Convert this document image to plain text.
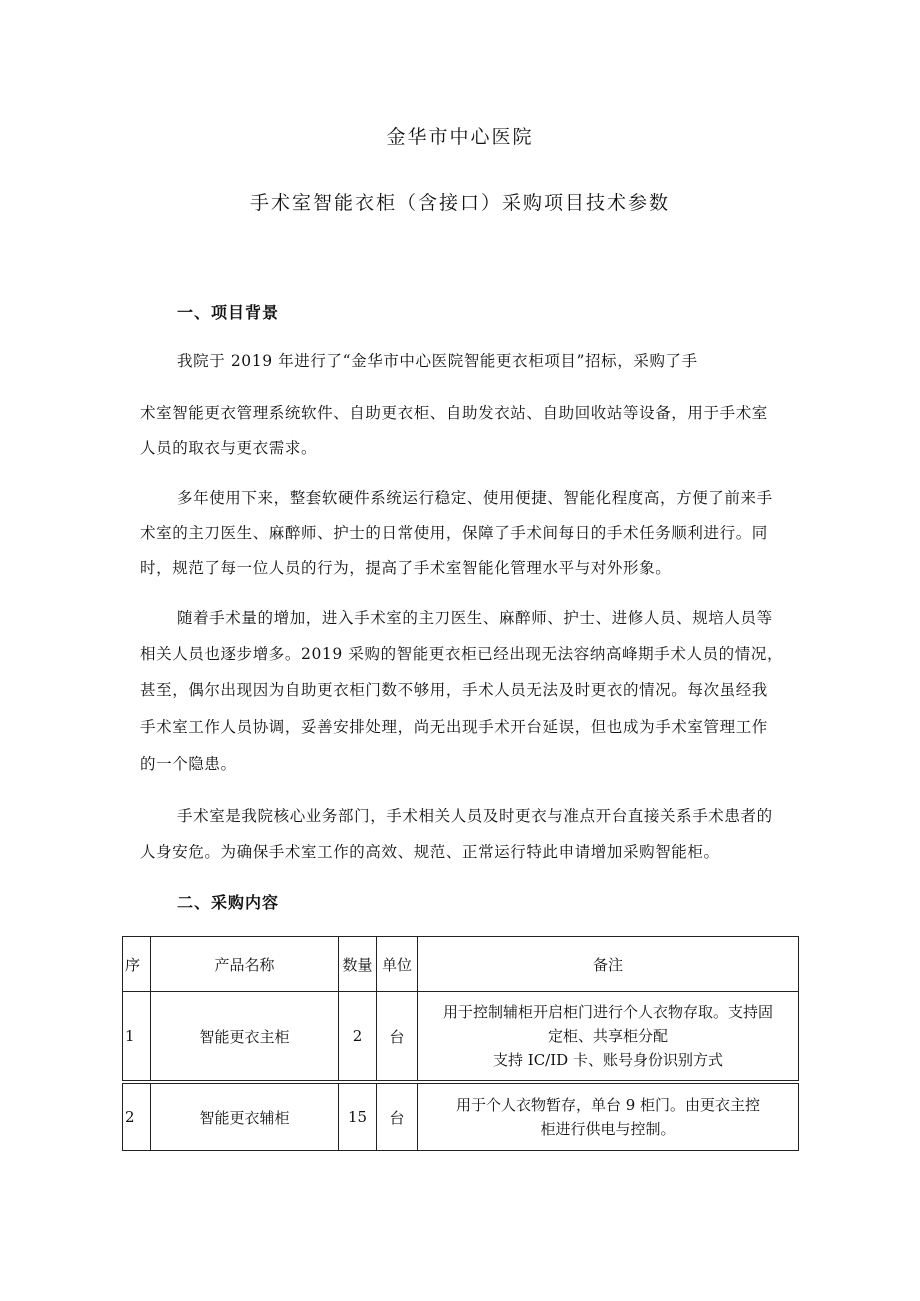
金华市中心医院
手术室智能衣柜（含接口）采购项目技术参数
一、项目背景
我院于 2019 年进行了“金华市中心医院智能更衣柜项目”招标，采购了手
术室智能更衣管理系统软件、自助更衣柜、自助发衣站、自助回收站等设备，用于手术室
人员的取衣与更衣需求。
多年使用下来，整套软硬件系统运行稳定、使用便捷、智能化程度高，方便了前来手
术室的主刀医生、麻醉师、护士的日常使用，保障了手术间每日的手术任务顺利进行。同
时，规范了每一位人员的行为，提高了手术室智能化管理水平与对外形象。
随着手术量的增加，进入手术室的主刀医生、麻醉师、护士、进修人员、规培人员等
相关人员也逐步增多。2019 采购的智能更衣柜已经出现无法容纳高峰期手术人员的情况，
甚至，偶尔出现因为自助更衣柜门数不够用，手术人员无法及时更衣的情况。每次虽经我
手术室工作人员协调，妥善安排处理，尚无出现手术开台延误，但也成为手术室管理工作
的一个隐患。
手术室是我院核心业务部门，手术相关人员及时更衣与准点开台直接关系手术患者的
人身安危。为确保手术室工作的高效、规范、正常运行特此申请增加采购智能柜。
二、采购内容
序	产品名称	数量	单位	备注
1	智能更衣主柜	2	台	用于控制辅柜开启柜门进行个人衣物存取。支持固
定柜、共享柜分配
支持 IC/ID 卡、账号身份识别方式

2	智能更衣辅柜	15	台	用于个人衣物暂存，单台 9 柜门。由更衣主控
柜进行供电与控制。
